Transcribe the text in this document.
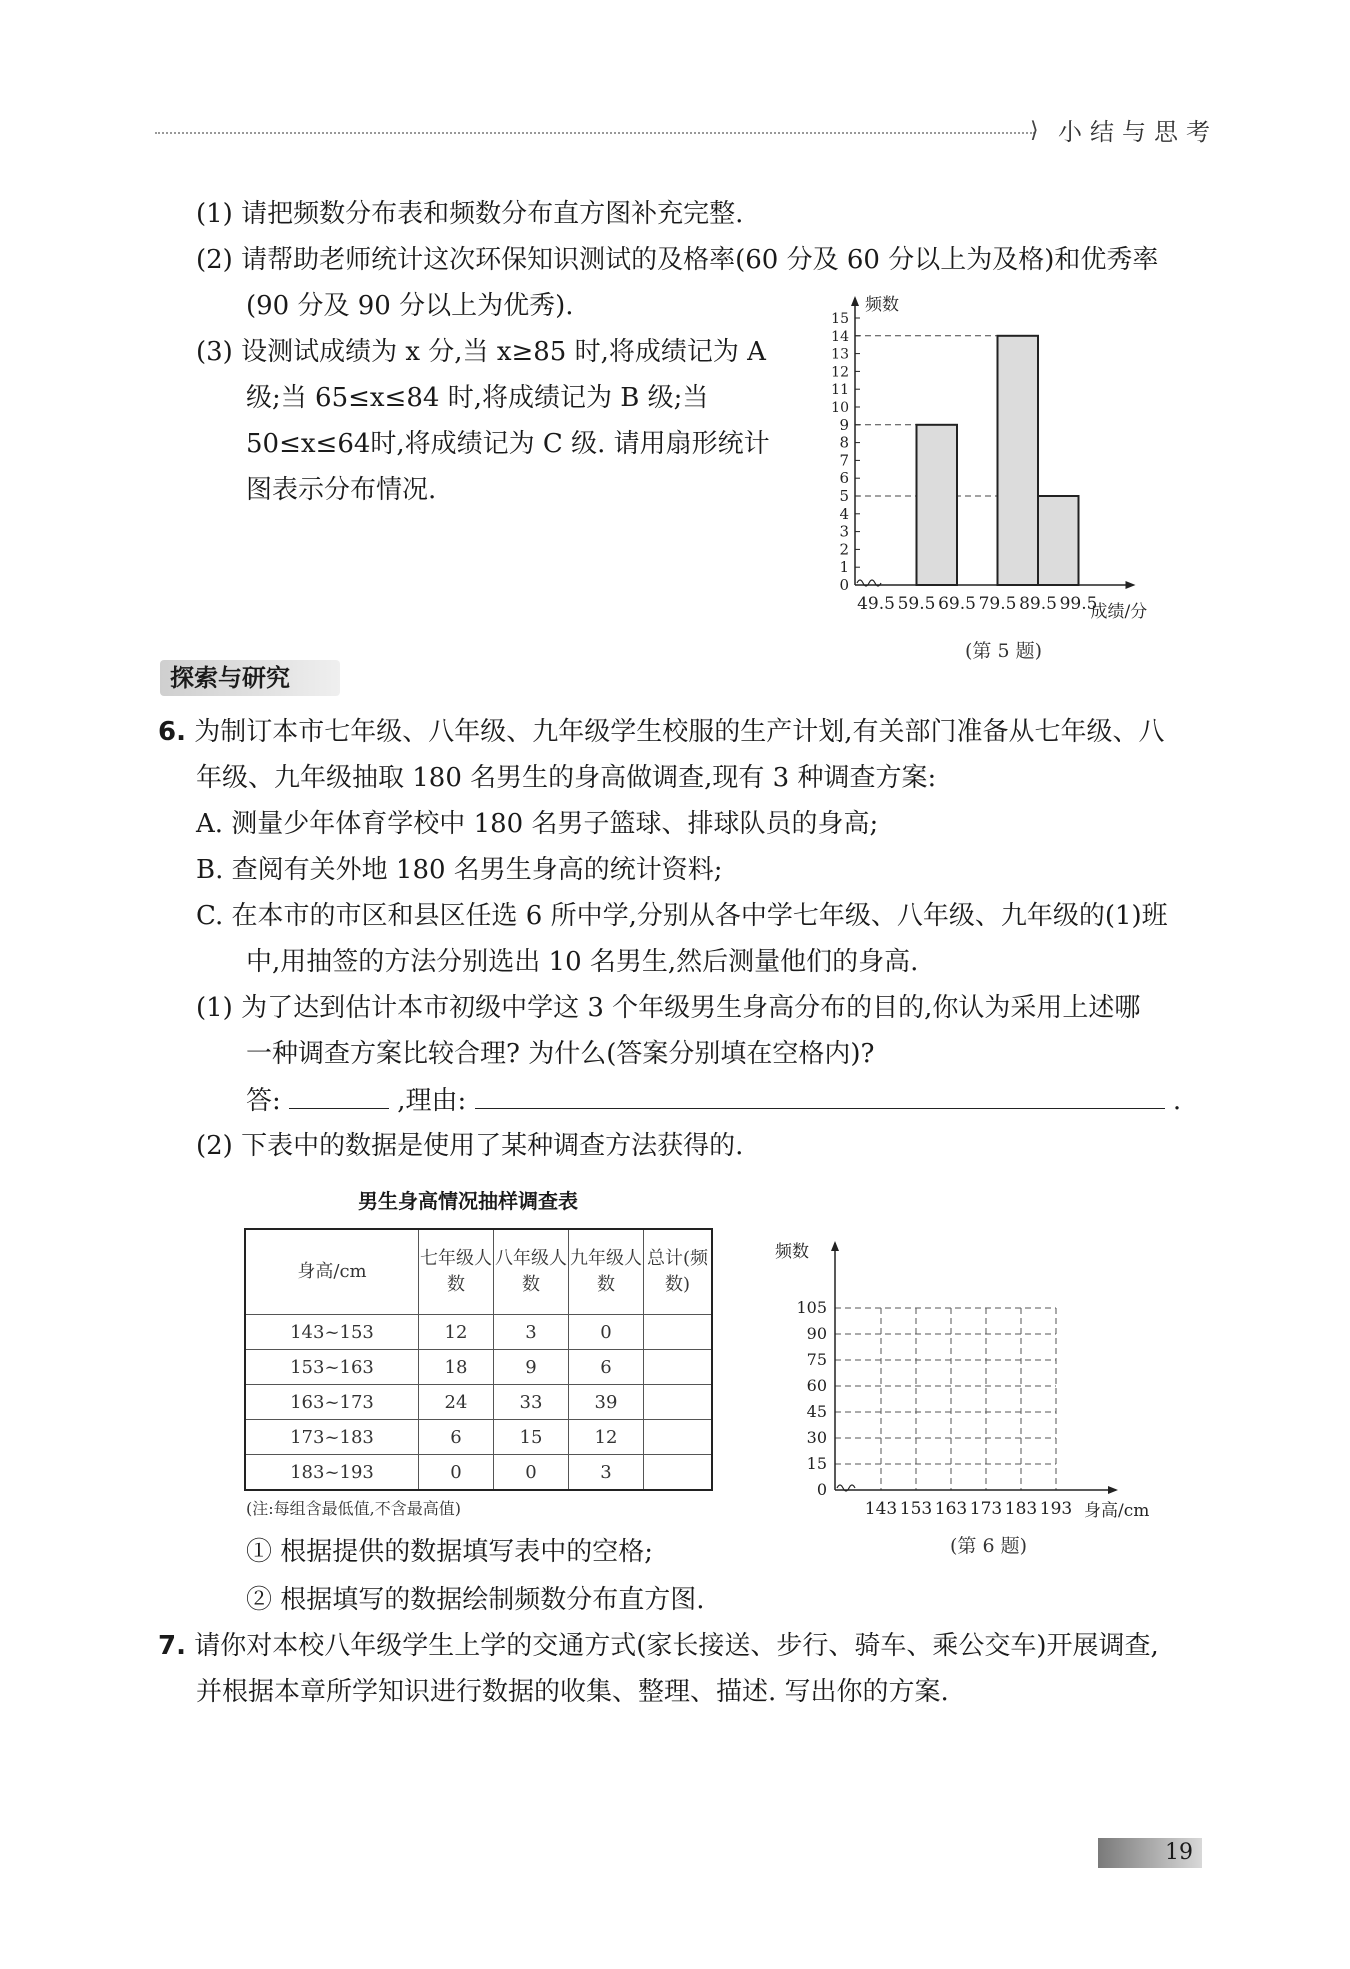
⟩ 小结与思考
(1) 请把频数分布表和频数分布直方图补充完整.
(2) 请帮助老师统计这次环保知识测试的及格率(60 分及 60 分以上为及格)和优秀率
(90 分及 90 分以上为优秀).
(3) 设测试成绩为 x 分,当 x≥85 时,将成绩记为 A
级;当 65≤x≤84 时,将成绩记为 B 级;当
50≤x≤64时,将成绩记为 C 级. 请用扇形统计
图表示分布情况.
0
1
2
3
4
5
6
7
8
9
10
11
12
13
14
15
49.5 59.5 69.5 79.5 89.5 99.5
频数
成绩/分
(第 5 题)
探索与研究
6. 为制订本市七年级、八年级、九年级学生校服的生产计划,有关部门准备从七年级、八
年级、九年级抽取 180 名男生的身高做调查,现有 3 种调查方案:
A. 测量少年体育学校中 180 名男子篮球、排球队员的身高;
B. 查阅有关外地 180 名男生身高的统计资料;
C. 在本市的市区和县区任选 6 所中学,分别从各中学七年级、八年级、九年级的(1)班
中,用抽签的方法分别选出 10 名男生,然后测量他们的身高.
(1) 为了达到估计本市初级中学这 3 个年级男生身高分布的目的,你认为采用上述哪
一种调查方案比较合理? 为什么(答案分别填在空格内)?
答:	,理由:	.
(2) 下表中的数据是使用了某种调查方法获得的.
男生身高情况抽样调查表
身高/cm	七年级人数	八年级人数	九年级人数	总计(频数)
143~153	12	3	0	
153~163	18	9	6	
163~173	24	33	39	
173~183	6	15	12	
183~193	0	0	3	
(注:每组含最低值,不含最高值)
0
15
30
45
60
75
90
105
143 153 163 173 183 193
频数
身高/cm
(第 6 题)
① 根据提供的数据填写表中的空格;
② 根据填写的数据绘制频数分布直方图.
7. 请你对本校八年级学生上学的交通方式(家长接送、步行、骑车、乘公交车)开展调查,
并根据本章所学知识进行数据的收集、整理、描述. 写出你的方案.
19
